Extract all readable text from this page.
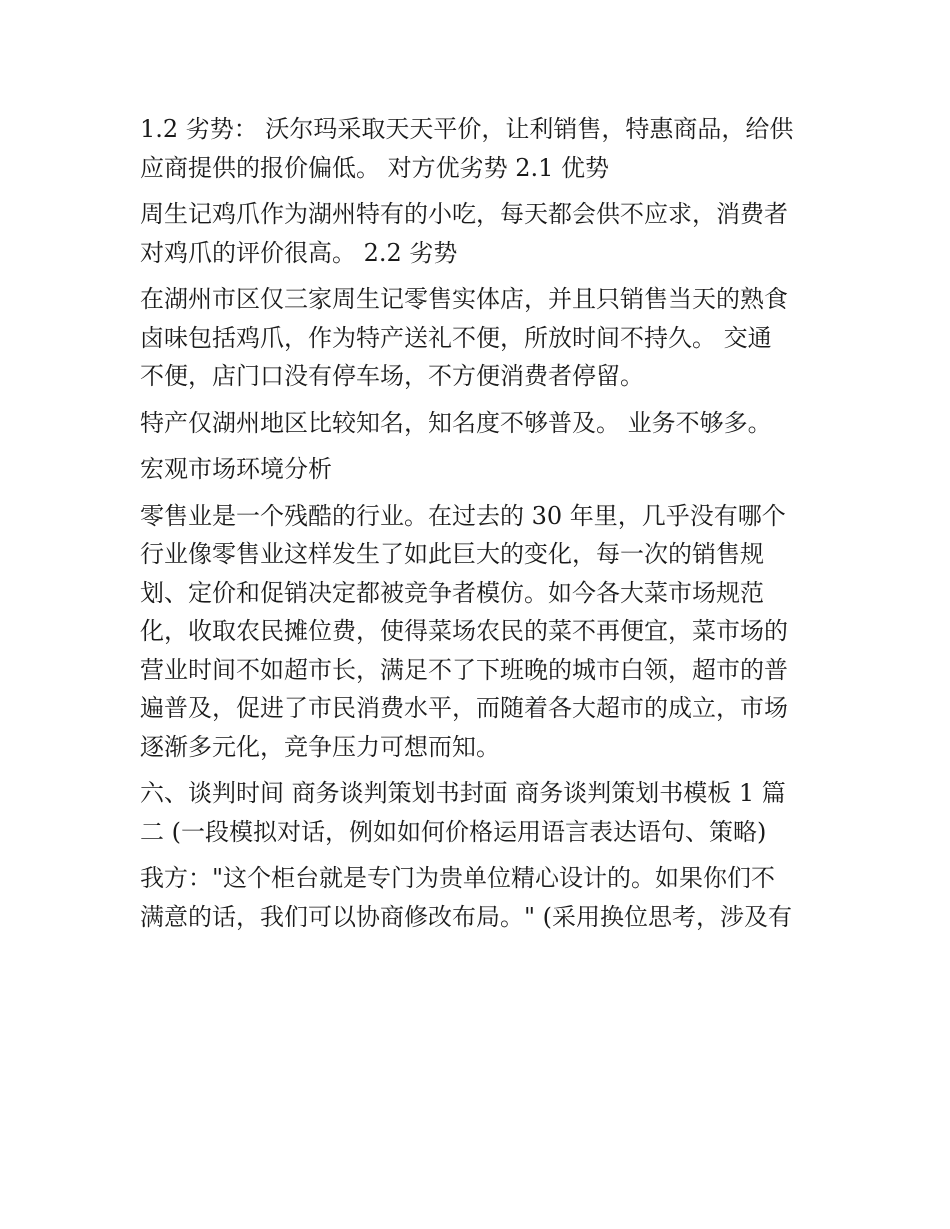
1.2 劣势： 沃尔玛采取天天平价，让利销售，特惠商品，给供

应商提供的报价偏低。 对方优劣势 2.1 优势

周生记鸡爪作为湖州特有的小吃，每天都会供不应求，消费者

对鸡爪的评价很高。 2.2 劣势

在湖州市区仅三家周生记零售实体店，并且只销售当天的熟食

卤味包括鸡爪，作为特产送礼不便，所放时间不持久。 交通

不便，店门口没有停车场，不方便消费者停留。

特产仅湖州地区比较知名，知名度不够普及。 业务不够多。

宏观市场环境分析

零售业是一个残酷的行业。在过去的 30 年里，几乎没有哪个

行业像零售业这样发生了如此巨大的变化，每一次的销售规

划、定价和促销决定都被竞争者模仿。如今各大菜市场规范

化，收取农民摊位费，使得菜场农民的菜不再便宜，菜市场的

营业时间不如超市长，满足不了下班晚的城市白领，超市的普

遍普及，促进了市民消费水平，而随着各大超市的成立，市场

逐渐多元化，竞争压力可想而知。

六、谈判时间 商务谈判策划书封面 商务谈判策划书模板 1 篇

二 (一段模拟对话，例如如何价格运用语言表达语句、策略)

我方："这个柜台就是专门为贵单位精心设计的。如果你们不

满意的话，我们可以协商修改布局。" (采用换位思考，涉及有
